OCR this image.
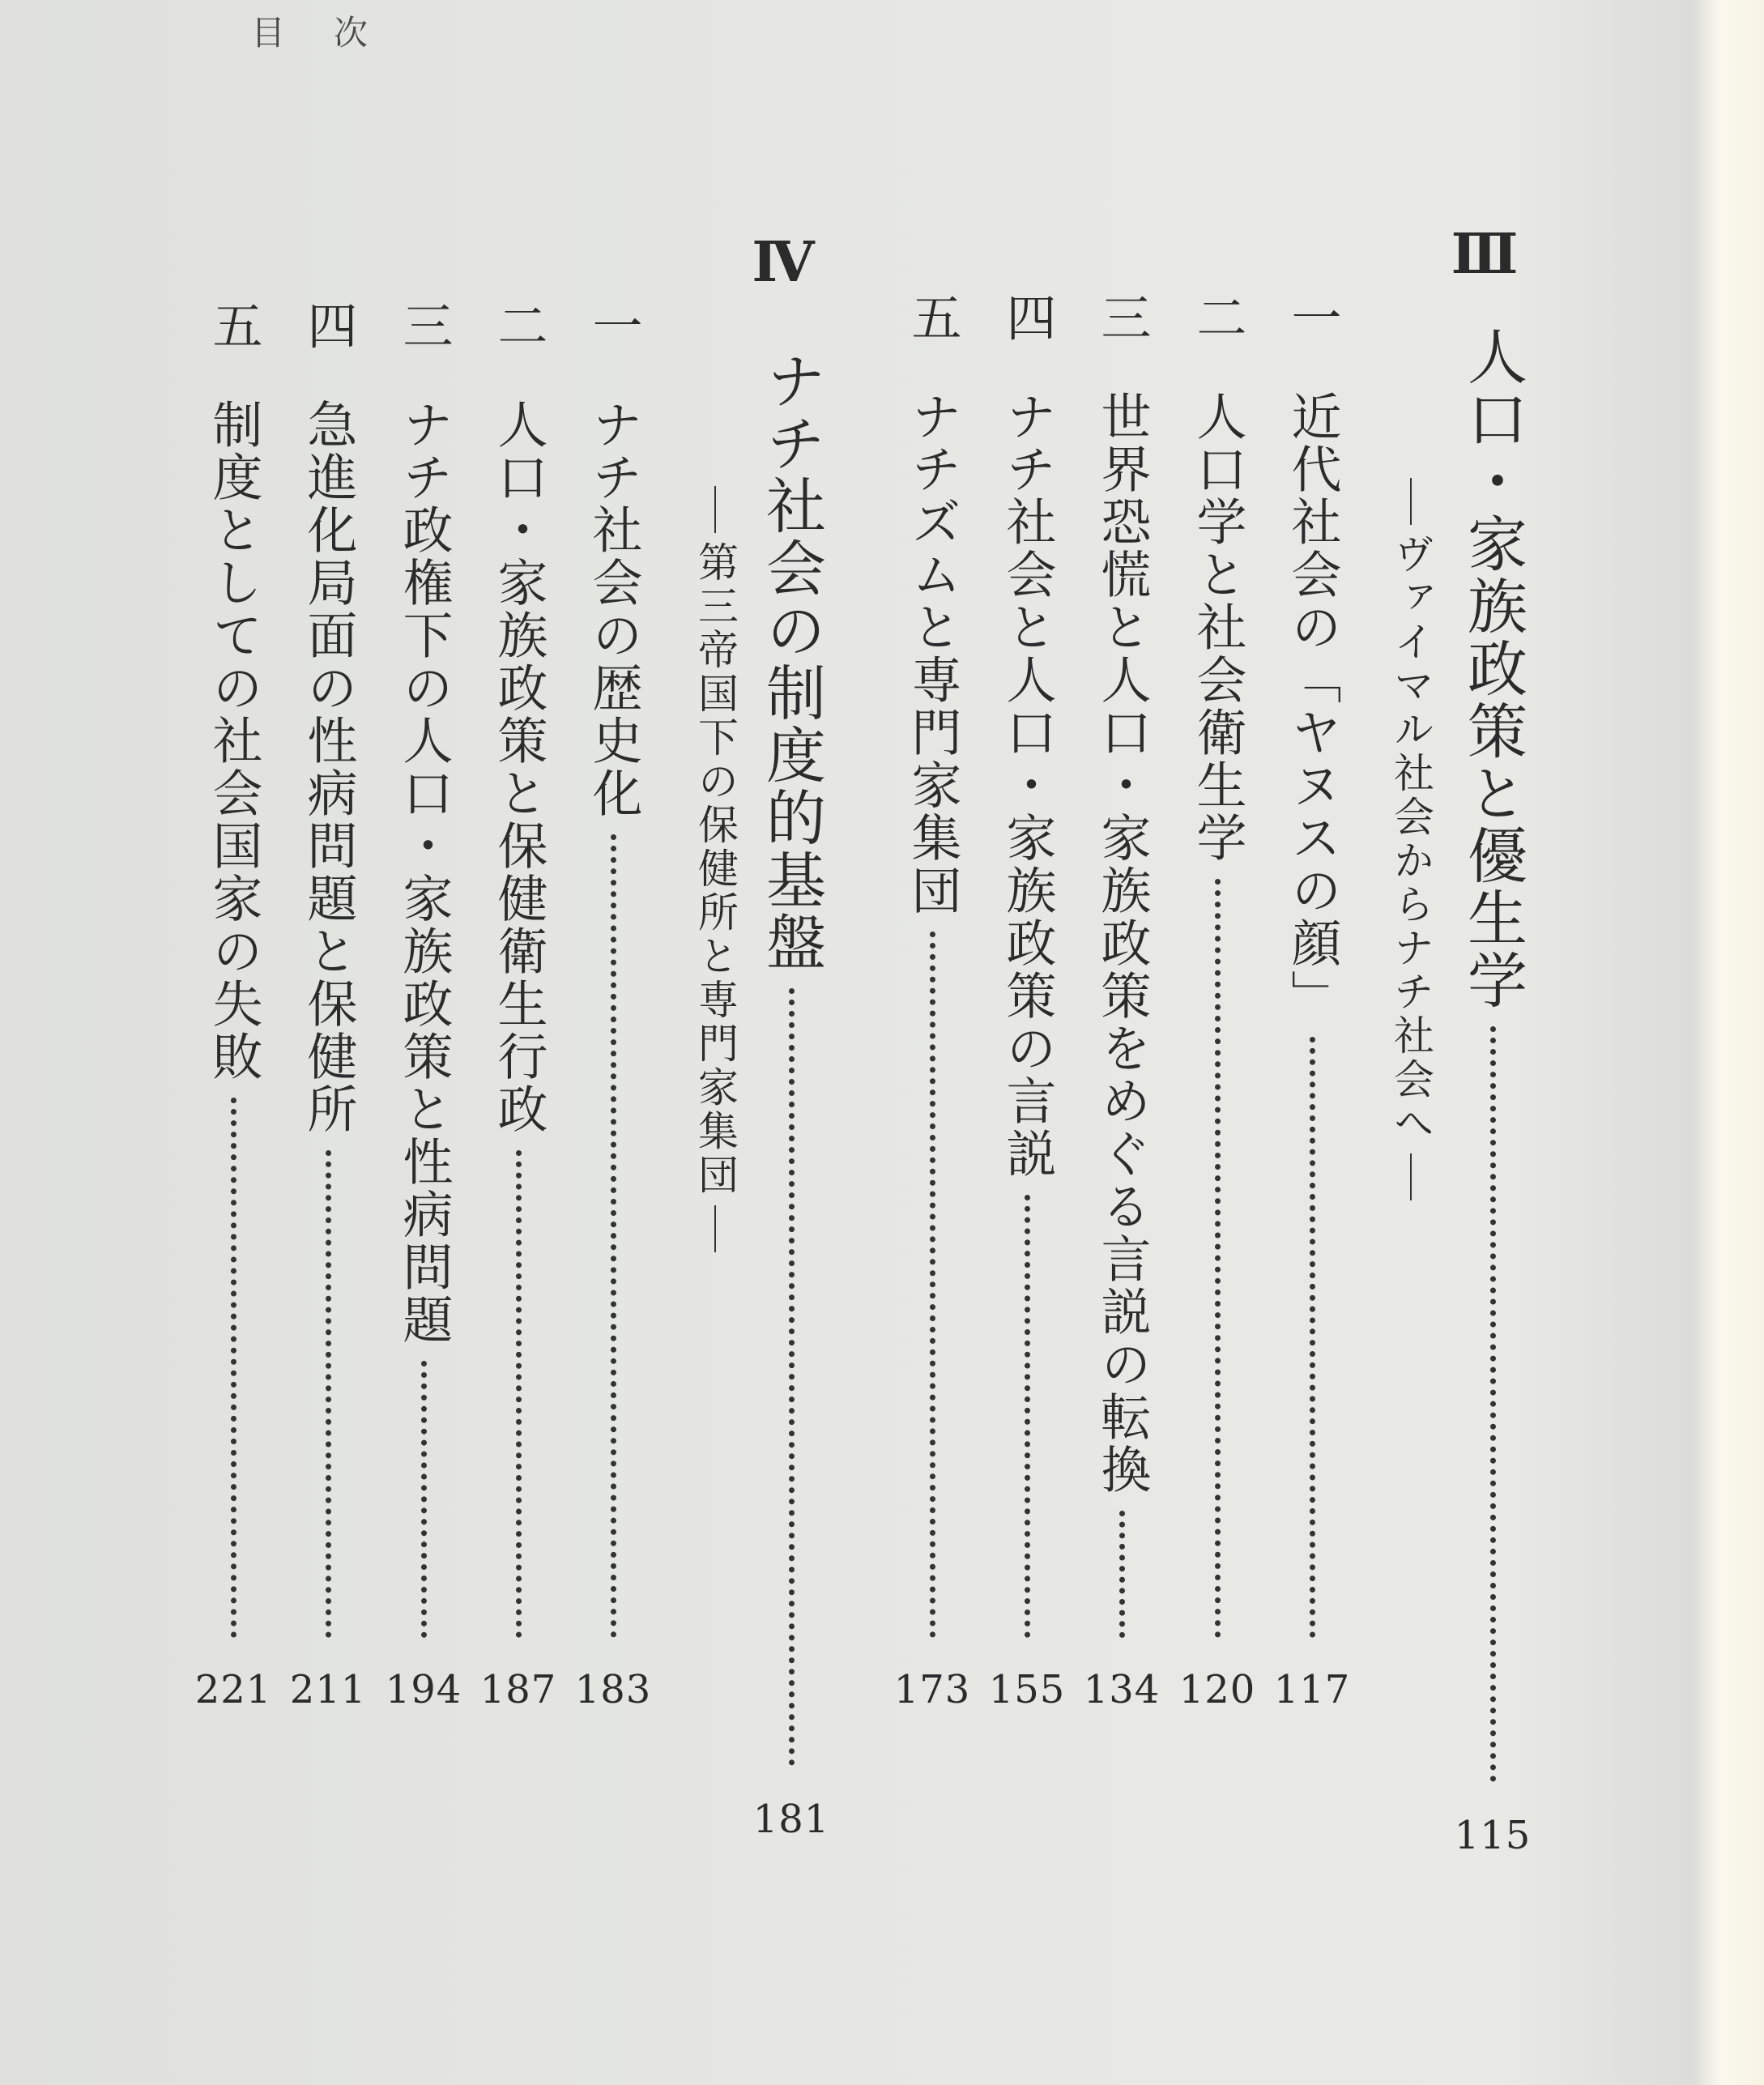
目次
Ⅲ
人口・家族政策と優生学
115
ヴァイマル社会からナチ社会へ
一
近代社会の「ヤヌスの顔」
117
二
人口学と社会衛生学
120
三
世界恐慌と人口・家族政策をめぐる言説の転換
134
四
ナチ社会と人口・家族政策の言説
155
五
ナチズムと専門家集団
173
Ⅳ
ナチ社会の制度的基盤
181
第三帝国下の保健所と専門家集団
一
ナチ社会の歴史化
183
二
人口・家族政策と保健衛生行政
187
三
ナチ政権下の人口・家族政策と性病問題
194
四
急進化局面の性病問題と保健所
211
五
制度としての社会国家の失敗
221
